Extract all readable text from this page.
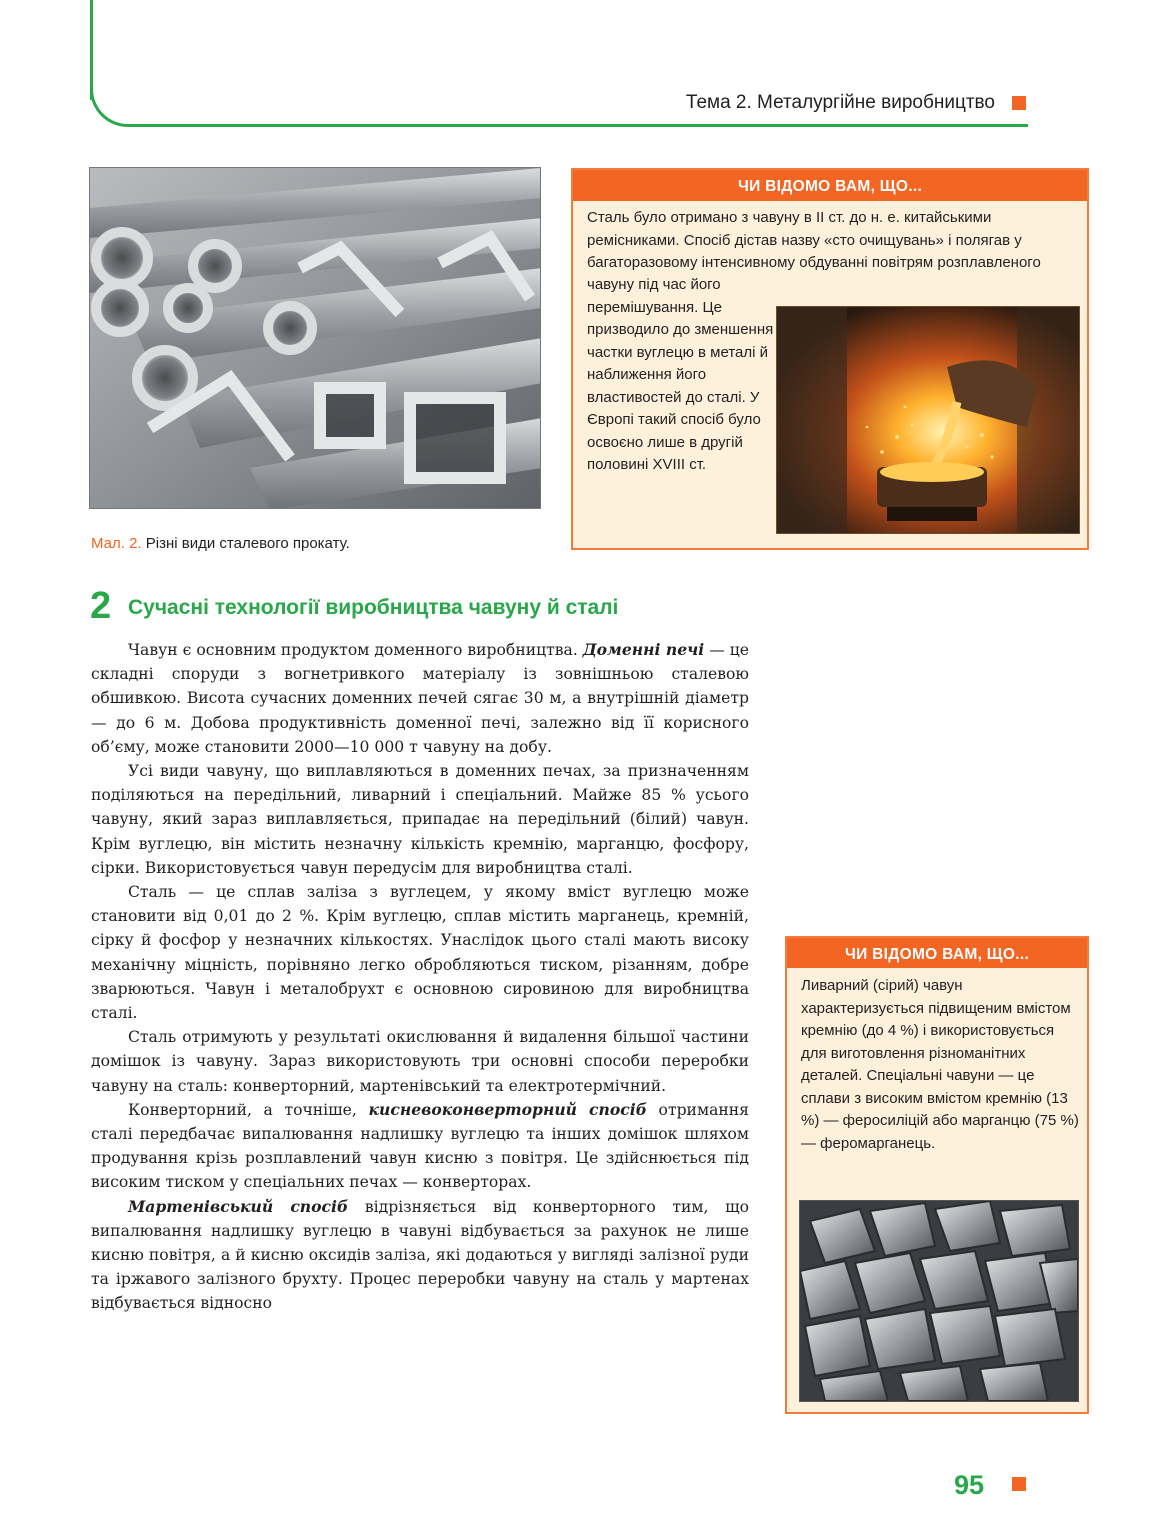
Тема 2. Металургійне виробництво
Мал. 2. Різні види сталевого прокату.
ЧИ ВІДОМО ВАМ, ЩО...
Сталь було отримано з чавуну в ІІ ст. до н. е. китайськими ремісниками. Спосіб дістав назву «сто очищувань» і полягав у багаторазовому інтенсивному обдуванні повітрям розплавленого
чавуну під час його перемішування. Це призводило до зменшення частки вуглецю в металі й наближення його властивостей до сталі. У Європі такий спосіб було освоєно лише в другій половині XVIII ст.
2 Сучасні технології виробництва чавуну й сталі

Чавун є основним продуктом доменного виробництва. Доменні печі — це складні споруди з вогнетривкого матеріалу із зовнішньою сталевою обшивкою. Висота сучасних доменних печей сягає 30 м, а внутрішній діаметр — до 6 м. Добова продуктивність доменної печі, залежно від її корисного об’єму, може становити 2000—10 000 т чавуну на добу.

Усі види чавуну, що виплавляються в доменних печах, за призначенням поділяються на передільний, ливарний і спеціальний. Майже 85 % усього чавуну, який зараз виплавляється, припадає на передільний (білий) чавун. Крім вуглецю, він містить незначну кількість кремнію, марганцю, фосфору, сірки. Використовується чавун передусім для виробництва сталі.

Сталь — це сплав заліза з вуглецем, у якому вміст вуглецю може становити від 0,01 до 2 %. Крім вуглецю, сплав містить марганець, кремній, сірку й фосфор у незначних кількостях. Унаслідок цього сталі мають високу механічну міцність, порівняно легко обробляються тиском, різанням, добре зварюються. Чавун і металобрухт є основною сировиною для виробництва сталі.

Сталь отримують у результаті окислювання й видалення більшої частини домішок із чавуну. Зараз використовують три основні способи переробки чавуну на сталь: конверторний, мартенівський та електротермічний.

Конверторний, а точніше, кисневоконверторний спосіб отримання сталі передбачає випалювання надлишку вуглецю та інших домішок шляхом продування крізь розплавлений чавун кисню з повітря. Це здійснюється під високим тиском у спеціальних печах — конверторах.

Мартенівський спосіб відрізняється від конверторного тим, що випалювання надлишку вуглецю в чавуні відбувається за рахунок не лише кисню повітря, а й кисню оксидів заліза, які додаються у вигляді залізної руди та іржавого залізного брухту. Процес переробки чавуну на сталь у мартенах відбувається відносно

ЧИ ВІДОМО ВАМ, ЩО...
Ливарний (сірий) чавун характеризується підвищеним вмістом кремнію (до 4 %) і використовується для виготовлення різноманітних деталей. Спеціальні чавуни — це сплави з високим вмістом кремнію (13 %) — феросиліцій або марганцю (75 %) — феромарганець.
95
